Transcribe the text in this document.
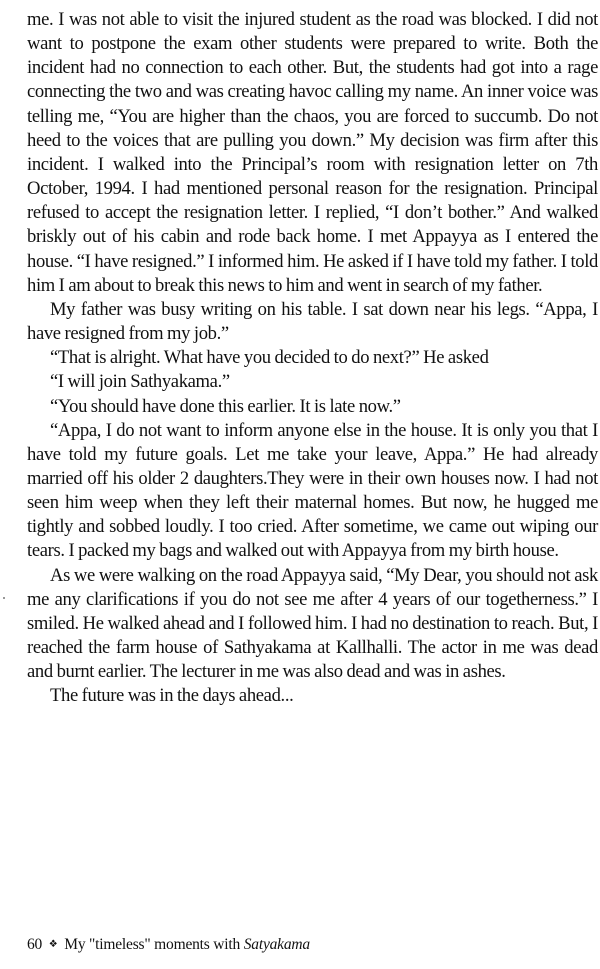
me. I was not able to visit the injured student as the road was blocked. I did not want to postpone the exam other students were prepared to write. Both the incident had no connection to each other. But, the students had got into a rage connecting the two and was creating havoc calling my name. An inner voice was telling me, “You are higher than the chaos, you are forced to succumb. Do not heed to the voices that are pulling you down.” My decision was firm after this incident. I walked into the Principal’s room with resignation letter on 7th October, 1994. I had mentioned personal reason for the resignation. Principal refused to accept the resignation letter. I replied, “I don’t bother.” And walked briskly out of his cabin and rode back home. I met Appayya as I entered the house. “I have resigned.” I informed him. He asked if I have told my father. I told him I am about to break this news to him and went in search of my father.

My father was busy writing on his table. I sat down near his legs. “Appa, I have resigned from my job.”

“That is alright. What have you decided to do next?” He asked

“I will join Sathyakama.”

“You should have done this earlier. It is late now.”

“Appa, I do not want to inform anyone else in the house. It is only you that I have told my future goals. Let me take your leave, Appa.” He had already married off his older 2 daughters.They were in their own houses now. I had not seen him weep when they left their maternal homes. But now, he hugged me tightly and sobbed loudly. I too cried. After sometime, we came out wiping our tears. I packed my bags and walked out with Appayya from my birth house.

As we were walking on the road Appayya said, “My Dear, you should not ask me any clarifications if you do not see me after 4 years of our togetherness.” I smiled. He walked ahead and I followed him. I had no destination to reach. But, I reached the farm house of Sathyakama at Kallhalli. The actor in me was dead and burnt earlier. The lecturer in me was also dead and was in ashes.

The future was in the days ahead...

60 ❖ My "timeless" moments with Satyakama
